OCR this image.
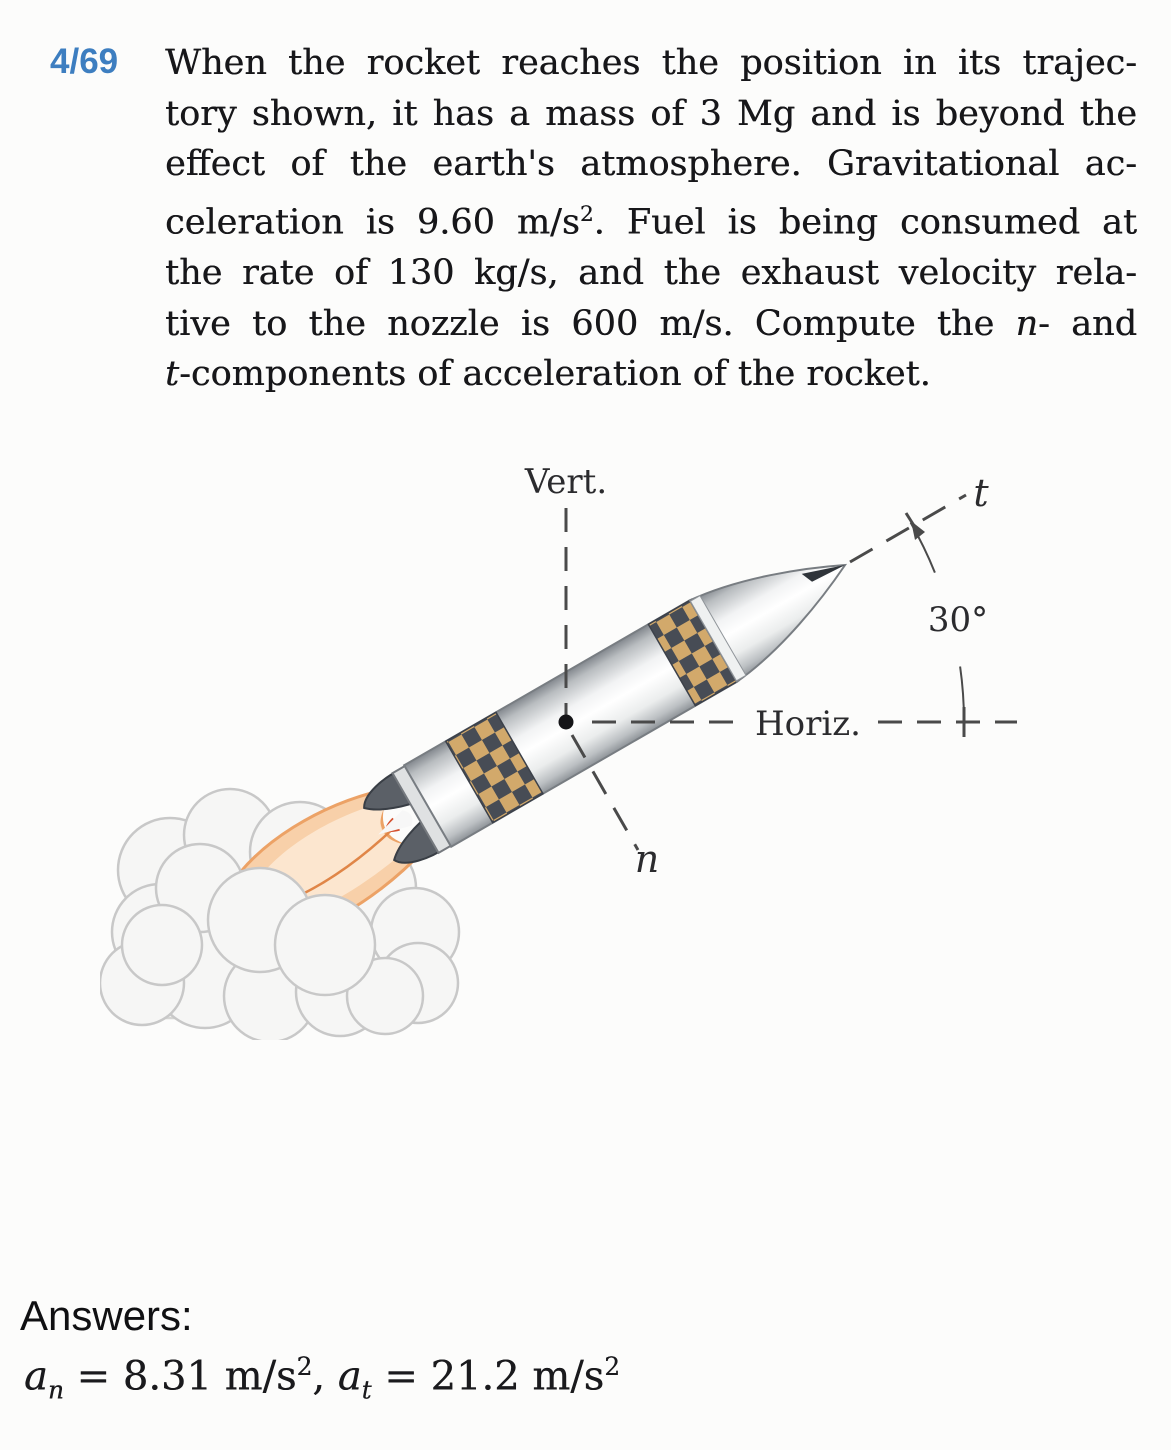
4/69 When the rocket reaches the position in its trajec-
tory shown, it has a mass of 3 Mg and is beyond the
effect of the earth's atmosphere. Gravitational ac-
celeration is 9.60 $m/s^2$. Fuel is being consumed at
the rate of 130 kg/s, and the exhaust velocity rela-
tive to the nozzle is 600 m/s. Compute the n- and
t-components of acceleration of the rocket.
Vert.
Horiz.
t
n
30°
Answers:
$a_n = 8.31$ $m/s^2$, $a_t = 21.2$ $m/s^2$
